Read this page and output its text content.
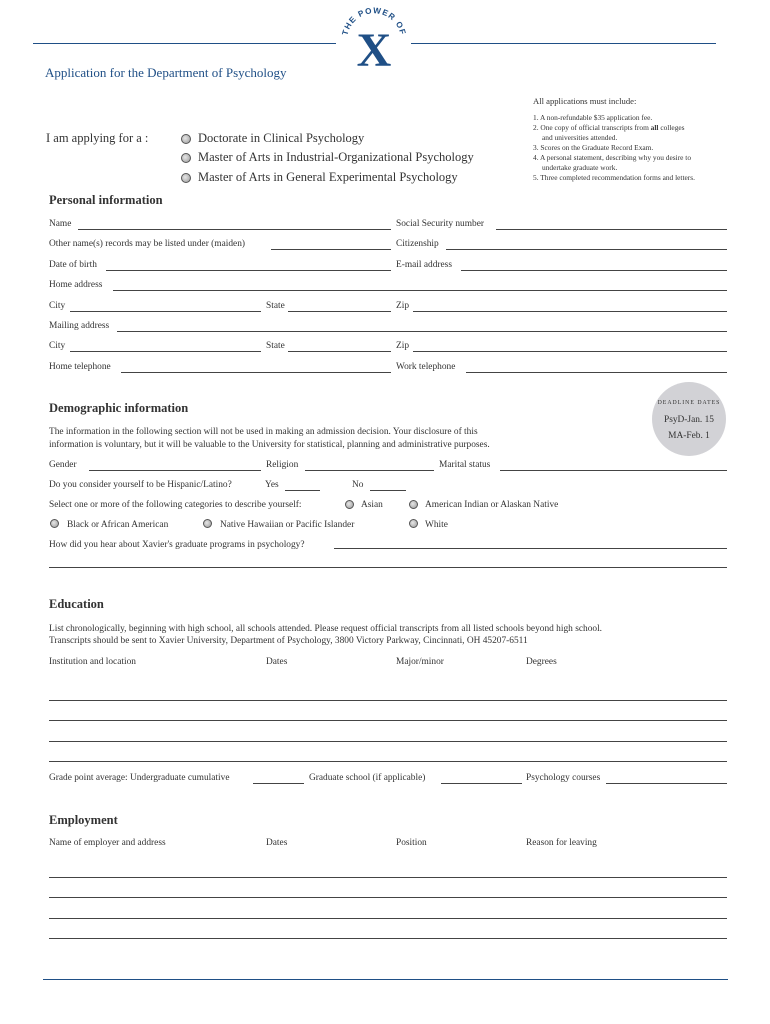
THE POWER OF
X
Application for the Department of Psychology
All applications must include:
1. A non-refundable $35 application fee.
2. One copy of official transcripts from all colleges
and universities attended.
3. Scores on the Graduate Record Exam.
4. A personal statement, describing why you desire to
undertake graduate work.
5. Three completed recommendation forms and letters.
I am applying for a :	Doctorate in Clinical Psychology
Master of Arts in Industrial-Organizational Psychology
Master of Arts in General Experimental Psychology
Personal information
Name	Social Security number
Other name(s) records may be listed under (maiden)	Citizenship
Date of birth	E-mail address
Home address
City	State	Zip
Mailing address
City	State	Zip
Home telephone	Work telephone
DEADLINE DATES
PsyD-Jan. 15
MA-Feb. 1
Demographic information
The information in the following section will not be used in making an admission decision. Your disclosure of this
information is voluntary, but it will be valuable to the University for statistical, planning and administrative purposes.
Gender	Religion	Marital status
Do you consider yourself to be Hispanic/Latino?	Yes	No
Select one or more of the following categories to describe yourself:	Asian	American Indian or Alaskan Native
Black or African American	Native Hawaiian or Pacific Islander	White
How did you hear about Xavier's graduate programs in psychology?
Education
List chronologically, beginning with high school, all schools attended. Please request official transcripts from all listed schools beyond high school.
Transcripts should be sent to Xavier University, Department of Psychology, 3800 Victory Parkway, Cincinnati, OH 45207-6511
Institution and location	Dates	Major/minor	Degrees
Grade point average: Undergraduate cumulative	Graduate school (if applicable)	Psychology courses
Employment
Name of employer and address	Dates	Position	Reason for leaving
